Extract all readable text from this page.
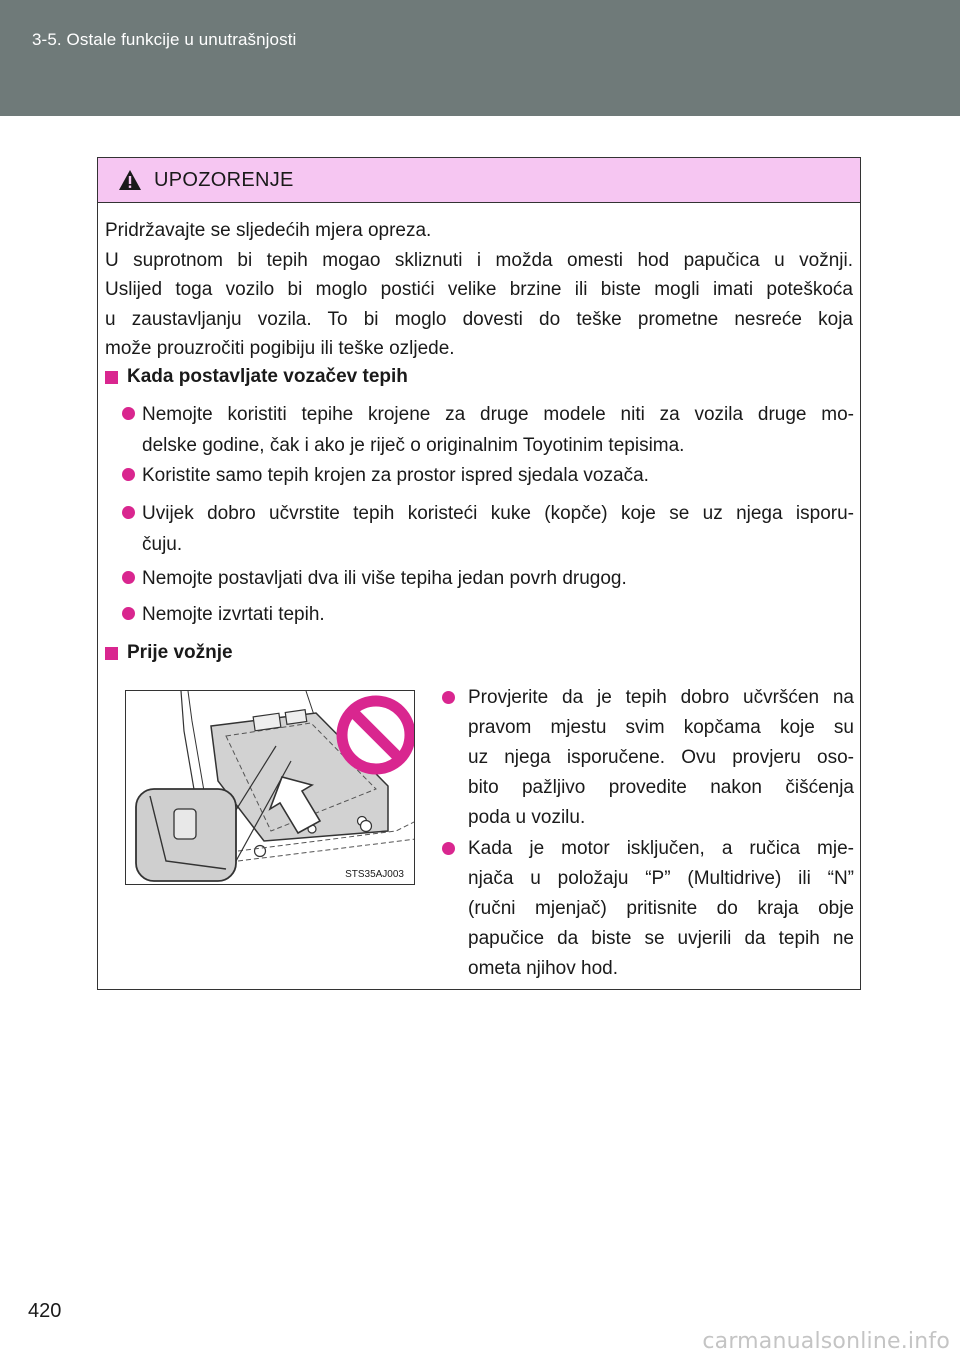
3-5. Ostale funkcije u unutrašnjosti
UPOZORENJE

Pridržavajte se sljedećih mjera opreza.
U suprotnom bi tepih mogao skliznuti i možda omesti hod papučica u vožnji.
Uslijed toga vozilo bi moglo postići velike brzine ili biste mogli imati poteškoća
u zaustavljanju vozila. To bi moglo dovesti do teške prometne nesreće koja
može prouzročiti pogibiju ili teške ozljede.

Kada postavljate vozačev tepih
Nemojte koristiti tepihe krojene za druge modele niti za vozila druge mo-
delske godine, čak i ako je riječ o originalnim Toyotinim tepisima.
Koristite samo tepih krojen za prostor ispred sjedala vozača.
Uvijek dobro učvrstite tepih koristeći kuke (kopče) koje se uz njega isporu-
čuju.
Nemojte postavljati dva ili više tepiha jedan povrh drugog.
Nemojte izvrtati tepih.
Prije vožnje
STS35AJ003
Provjerite da je tepih dobro učvršćen na
pravom mjestu svim kopčama koje su
uz njega isporučene. Ovu provjeru oso-
bito pažljivo provedite nakon čišćenja
poda u vozilu.
Kada je motor isključen, a ručica mje-
njača u položaju “P” (Multidrive) ili “N”
(ručni mjenjač) pritisnite do kraja obje
papučice da biste se uvjerili da tepih ne
ometa njihov hod.
420
carmanualsonline.info
